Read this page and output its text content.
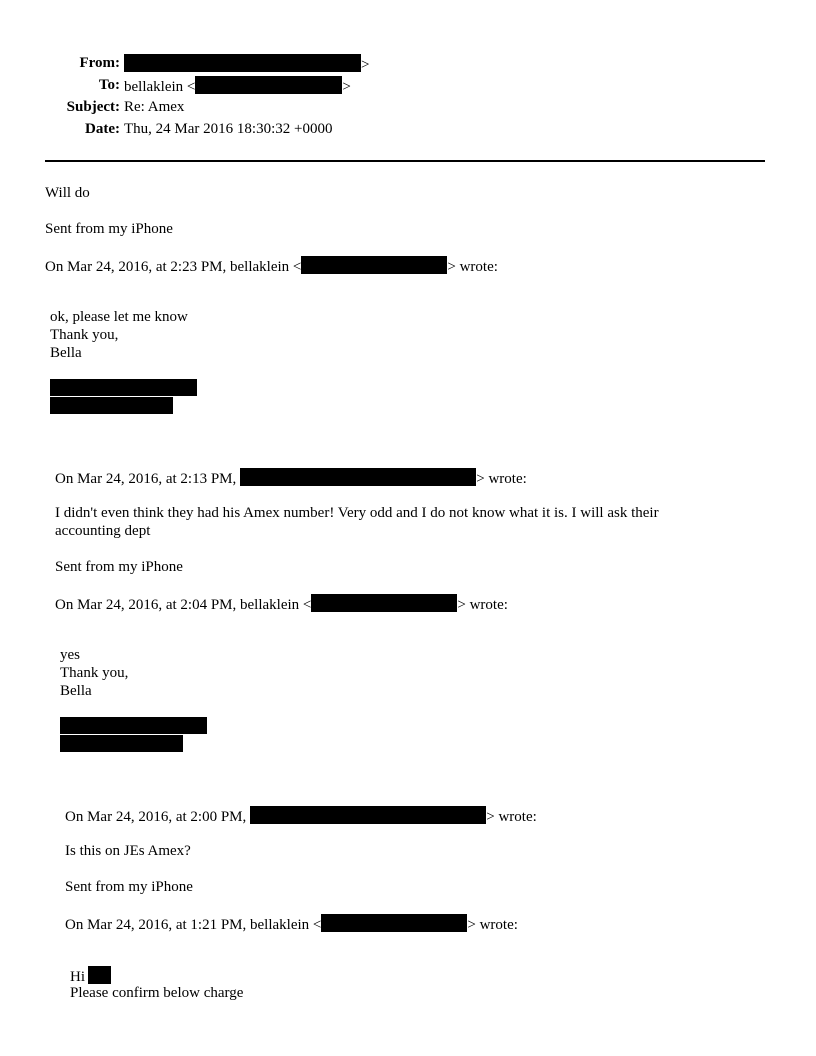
From:	>
To: bellaklein <	>
Subject: Re: Amex
Date: Thu, 24 Mar 2016 18:30:32 +0000
Will do
Sent from my iPhone
On Mar 24, 2016, at 2:23 PM, bellaklein <	> wrote:
ok, please let me know
Thank you,
Bella
On Mar 24, 2016, at 2:13 PM,	> wrote:
I didn't even think they had his Amex number! Very odd and I do not know what it is. I will ask their
accounting dept
Sent from my iPhone
On Mar 24, 2016, at 2:04 PM, bellaklein <	> wrote:
yes
Thank you,
Bella
On Mar 24, 2016, at 2:00 PM,	> wrote:
Is this on JEs Amex?
Sent from my iPhone
On Mar 24, 2016, at 1:21 PM, bellaklein <	> wrote:
Hi
Please confirm below charge
